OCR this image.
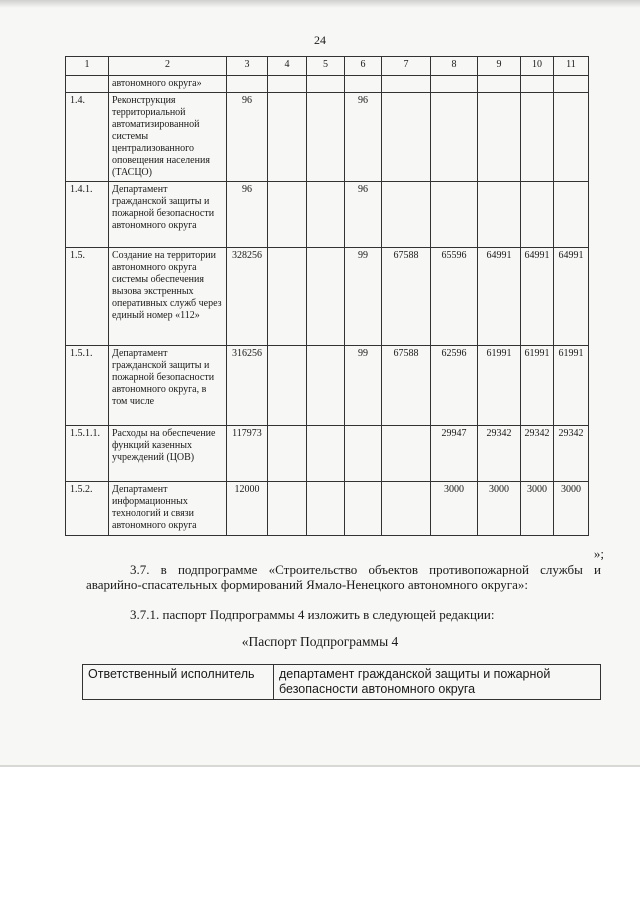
24
1	2	3	4	5	6	7	8	9	10	11
	автономного округа»									
1.4.	Реконструкция территориальной автоматизированной системы централизованного оповещения населения (ТАСЦО)	96			96					
1.4.1.	Департамент гражданской защиты и пожарной безопасности автономного округа	96			96					
1.5.	Создание на территории автономного округа системы обеспечения вызова экстренных оперативных служб через единый номер «112»	328256			99	67588	65596	64991	64991	64991
1.5.1.	Департамент гражданской защиты и пожарной безопасности автономного округа, в том числе	316256			99	67588	62596	61991	61991	61991
1.5.1.1.	Расходы на обеспечение функций казенных учреждений (ЦОВ)	117973					29947	29342	29342	29342
1.5.2.	Департамент информационных технологий и связи автономного округа	12000					3000	3000	3000	3000
»;
3.7. в подпрограмме «Строительство объектов противопожарной службы и аварийно-спасательных формирований Ямало-Ненецкого автономного округа»:
3.7.1. паспорт Подпрограммы 4 изложить в следующей редакции:
«Паспорт Подпрограммы 4
Ответственный исполнитель	департамент гражданской защиты и пожарной безопасности автономного округа
